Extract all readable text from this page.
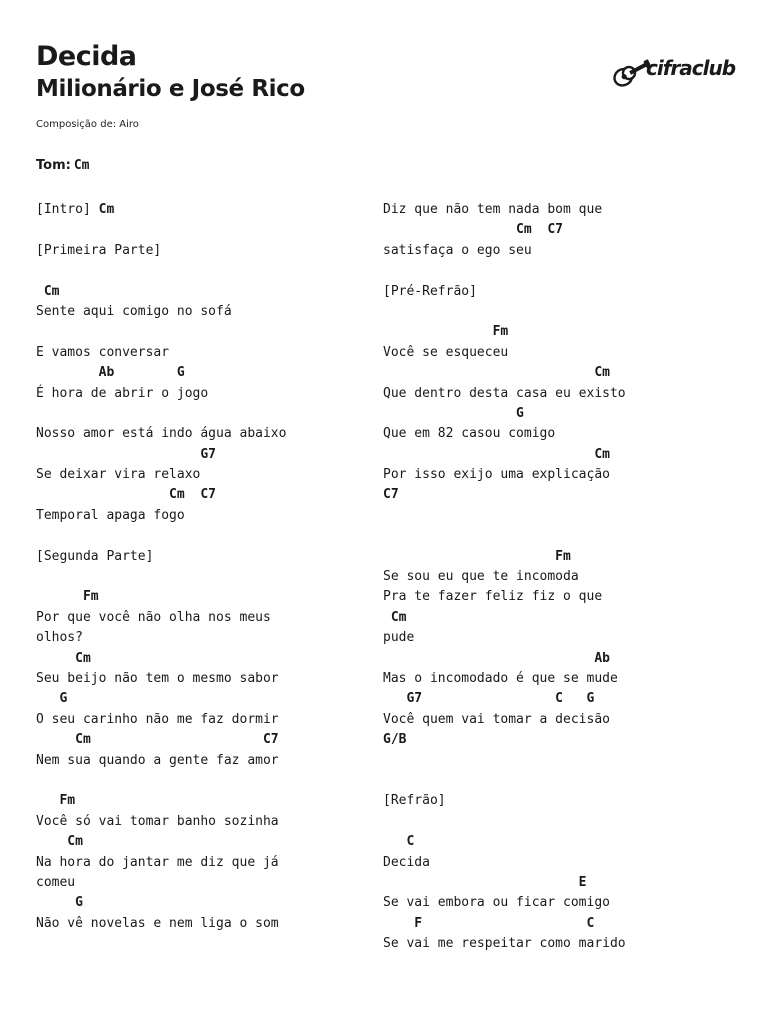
Decida
Milionário e José Rico
Composição de: Airo
Tom: Cm
cifraclub
[Intro] Cm
[Primeira Parte]
Cm
Sente aqui comigo no sofá
E vamos conversar
Ab        G
É hora de abrir o jogo
Nosso amor está indo água abaixo
G7
Se deixar vira relaxo
Cm  C7
Temporal apaga fogo
[Segunda Parte]
Fm
Por que você não olha nos meus
olhos?
Cm
Seu beijo não tem o mesmo sabor
G
O seu carinho não me faz dormir
Cm                      C7
Nem sua quando a gente faz amor
Fm
Você só vai tomar banho sozinha
Cm
Na hora do jantar me diz que já
comeu
G
Não vê novelas e nem liga o som
Diz que não tem nada bom que
Cm  C7
satisfaça o ego seu
[Pré-Refrão]
Fm
Você se esqueceu
Cm
Que dentro desta casa eu existo
G
Que em 82 casou comigo
Cm
Por isso exijo uma explicação
C7
Fm
Se sou eu que te incomoda
Pra te fazer feliz fiz o que
Cm
pude
Ab
Mas o incomodado é que se mude
G7                 C   G
Você quem vai tomar a decisão
G/B
[Refrão]
C
Decida
E
Se vai embora ou ficar comigo
F                     C
Se vai me respeitar como marido
